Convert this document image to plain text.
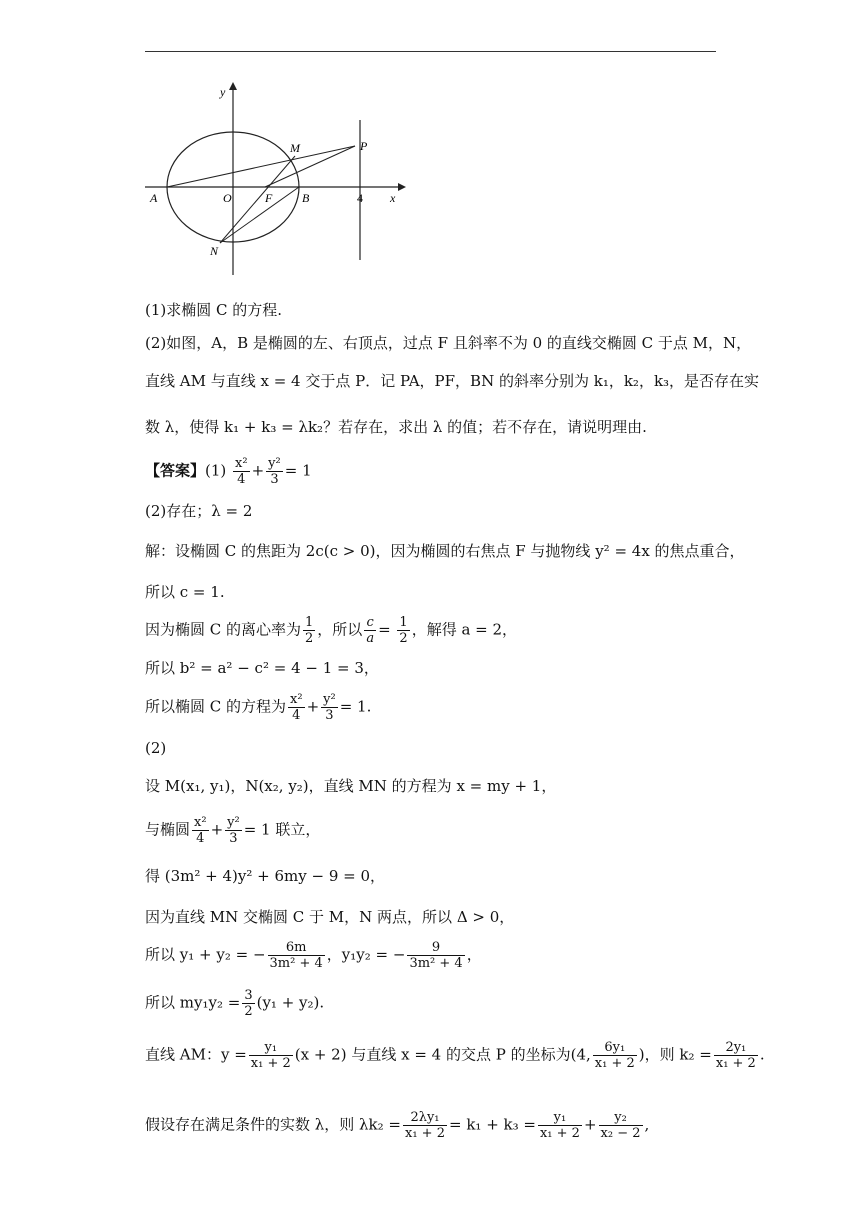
y
x
O
A	B
F
M
N
P
4
(1)求椭圆 C 的方程.
(2)如图，A，B 是椭圆的左、右顶点，过点 F 且斜率不为 0 的直线交椭圆 C 于点 M，N，
直线 AM 与直线 x = 4 交于点 P．记 PA，PF，BN 的斜率分别为 k₁，k₂，k₃，是否存在实
数 λ，使得 k₁ + k₃ = λk₂？若存在，求出 λ 的值；若不存在，请说明理由.
【答案】$(1) \frac{\text{x²}}{4} + \frac{\text{y²}}{3} = 1$
(2)存在；λ = 2
解：设椭圆 C 的焦距为 2c(c > 0)，因为椭圆的右焦点 F 与抛物线 y² = 4x 的焦点重合，
所以 c = 1.
因为椭圆 C 的离心率为 $\frac{1}{2}$ ，所以 $\frac{c}{a} = \frac{1}{2}$ ，解得 a = 2，
所以 b² = a² − c² = 4 − 1 = 3，
所以椭圆 C 的方程为 $\frac{\text{x²}}{4} + \frac{\text{y²}}{3} = 1$.
(2)
设 M(x₁, y₁)，N(x₂, y₂)，直线 MN 的方程为 x = my + 1，
与椭圆 $\frac{\text{x²}}{4} + \frac{\text{y²}}{3} = 1$ 联立，
得 (3m² + 4)y² + 6my − 9 = 0，
因为直线 MN 交椭圆 C 于 M，N 两点，所以 Δ > 0，
所以 y₁ + y₂ = − $\frac{6m}{\text{3m² + 4}}$ ，y₁y₂ = − $\frac{9}{\text{3m² + 4}}$ ，
所以 $my_1y_2 = \frac{3}{2} (y_1 + y_2)$.
直线 AM：$y = \frac{\text{y₁}}{\text{x₁ + 2}} (x + 2)$ 与直线 x = 4 的交点 P 的坐标为(4, $\frac{\text{6y₁}}{\text{x₁ + 2}}$ )，则 $k_2 = \frac{\text{2y₁}}{\text{x₁ + 2}}$ .
假设存在满足条件的实数 λ，则 $\lambda k_2 = \frac{\text{2λy₁}}{\text{x₁ + 2}} = k_1 + k_3 = \frac{\text{y₁}}{\text{x₁ + 2}} + \frac{\text{y₂}}{\text{x₂ − 2}}$ ,
